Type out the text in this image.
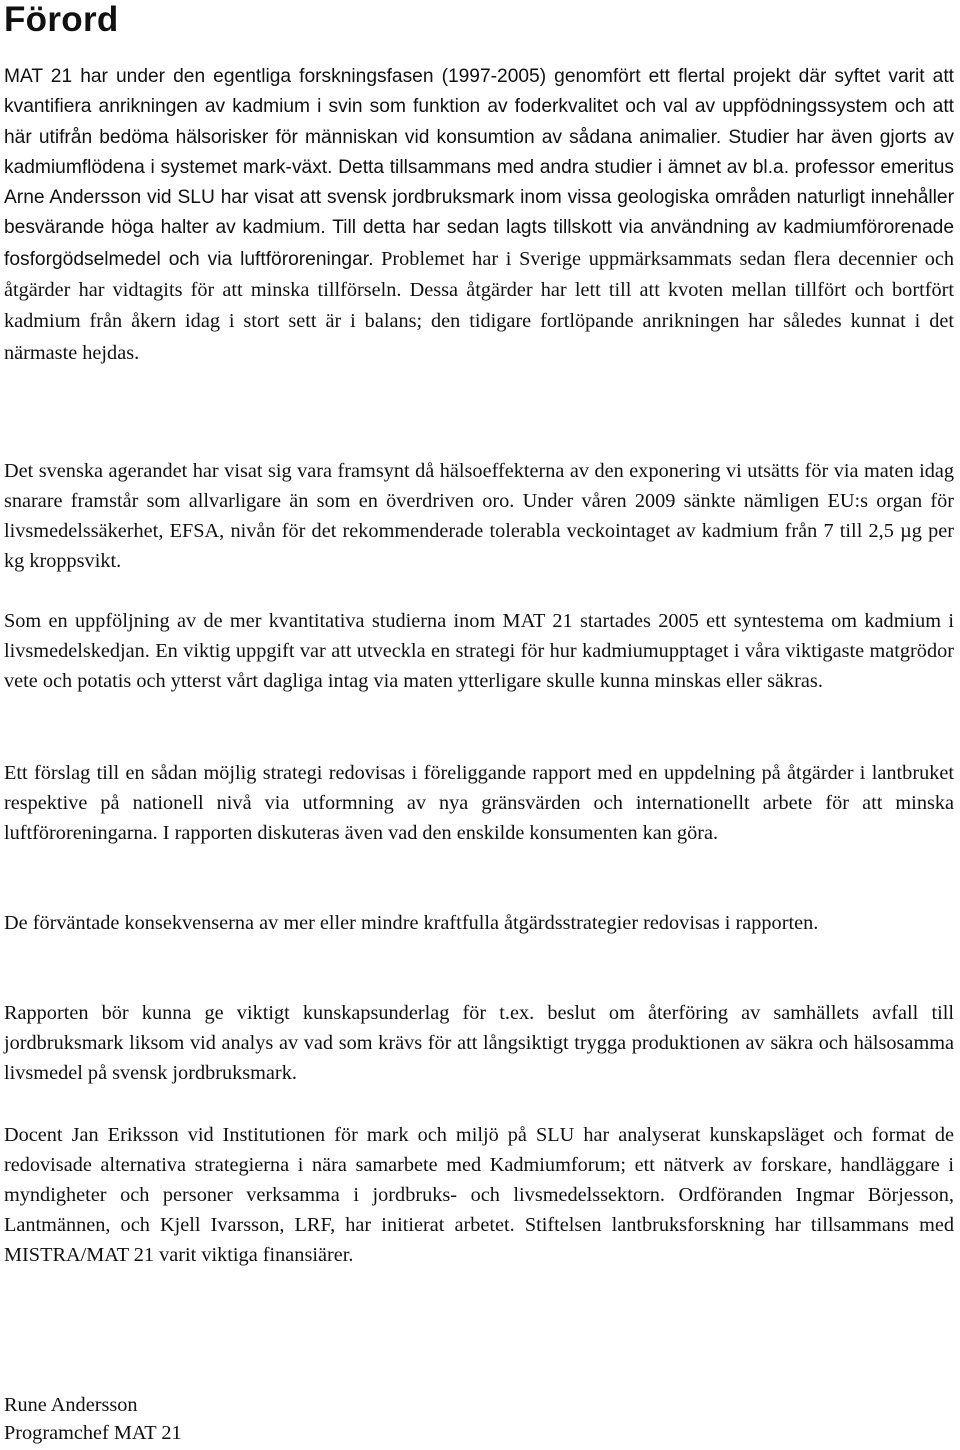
Förord

MAT 21 har under den egentliga forskningsfasen (1997-2005) genomfört ett flertal projekt där syftet varit att kvantifiera anrikningen av kadmium i svin som funktion av foderkvalitet och val av uppfödningssystem och att här utifrån bedöma hälsorisker för människan vid konsumtion av sådana animalier. Studier har även gjorts av kadmiumflödena i systemet mark-växt. Detta tillsammans med andra studier i ämnet av bl.a. professor emeritus Arne Andersson vid SLU har visat att svensk jordbruksmark inom vissa geologiska områden naturligt innehåller besvärande höga halter av kadmium. Till detta har sedan lagts tillskott via användning av kadmiumförorenade fosforgödselmedel och via luftföroreningar. Problemet har i Sverige uppmärksammats sedan flera decennier och åtgärder har vidtagits för att minska tillförseln. Dessa åtgärder har lett till att kvoten mellan tillfört och bortfört kadmium från åkern idag i stort sett är i balans; den tidigare fortlöpande anrikningen har således kunnat i det närmaste hejdas.

Det svenska agerandet har visat sig vara framsynt då hälsoeffekterna av den exponering vi utsätts för via maten idag snarare framstår som allvarligare än som en överdriven oro. Under våren 2009 sänkte nämligen EU:s organ för livsmedelssäkerhet, EFSA, nivån för det rekommenderade tolerabla veckointaget av kadmium från 7 till 2,5 µg per kg kroppsvikt.

Som en uppföljning av de mer kvantitativa studierna inom MAT 21 startades 2005 ett syntestema om kadmium i livsmedelskedjan. En viktig uppgift var att utveckla en strategi för hur kadmiumupptaget i våra viktigaste matgrödor vete och potatis och ytterst vårt dagliga intag via maten ytterligare skulle kunna minskas eller säkras.

Ett förslag till en sådan möjlig strategi redovisas i föreliggande rapport med en uppdelning på åtgärder i lantbruket respektive på nationell nivå via utformning av nya gränsvärden och internationellt arbete för att minska luftföroreningarna. I rapporten diskuteras även vad den enskilde konsumenten kan göra.

De förväntade konsekvenserna av mer eller mindre kraftfulla åtgärdsstrategier redovisas i rapporten.

Rapporten bör kunna ge viktigt kunskapsunderlag för t.ex. beslut om återföring av samhällets avfall till jordbruksmark liksom vid analys av vad som krävs för att långsiktigt trygga produktionen av säkra och hälsosamma livsmedel på svensk jordbruksmark.

Docent Jan Eriksson vid Institutionen för mark och miljö på SLU har analyserat kunskapsläget och format de redovisade alternativa strategierna i nära samarbete med Kadmiumforum; ett nätverk av forskare, handläggare i myndigheter och personer verksamma i jordbruks- och livsmedelssektorn. Ordföranden Ingmar Börjesson, Lantmännen, och Kjell Ivarsson, LRF, har initierat arbetet. Stiftelsen lantbruksforskning har tillsammans med MISTRA/MAT 21 varit viktiga finansiärer.

Rune Andersson
Programchef MAT 21
